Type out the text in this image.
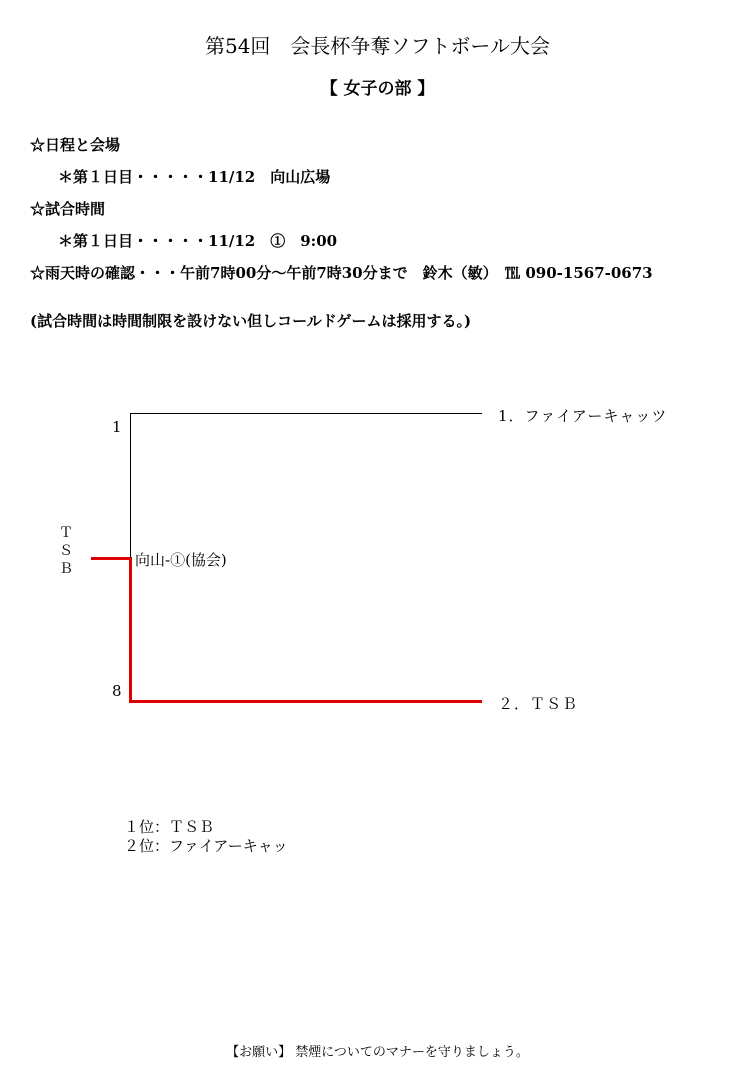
第54回　会長杯争奪ソフトボール大会
【 女子の部 】
☆日程と会場
＊第１日目・・・・・11/12　向山広場
☆試合時間
＊第１日目・・・・・11/12　①　9:00
☆雨天時の確認・・・午前7時00分～午前7時30分まで　鈴木（敏）　℡ 090-1567-0673
(試合時間は時間制限を設けない但しコールドゲームは採用する。)
1
8
1．ファイアーキャッツ
２．ＴＳＢ
向山-①(協会)
Ｔ
Ｓ
Ｂ
１位：ＴＳＢ
２位：ファイアーキャッ
【お願い】 禁煙についてのマナーを守りましょう。
